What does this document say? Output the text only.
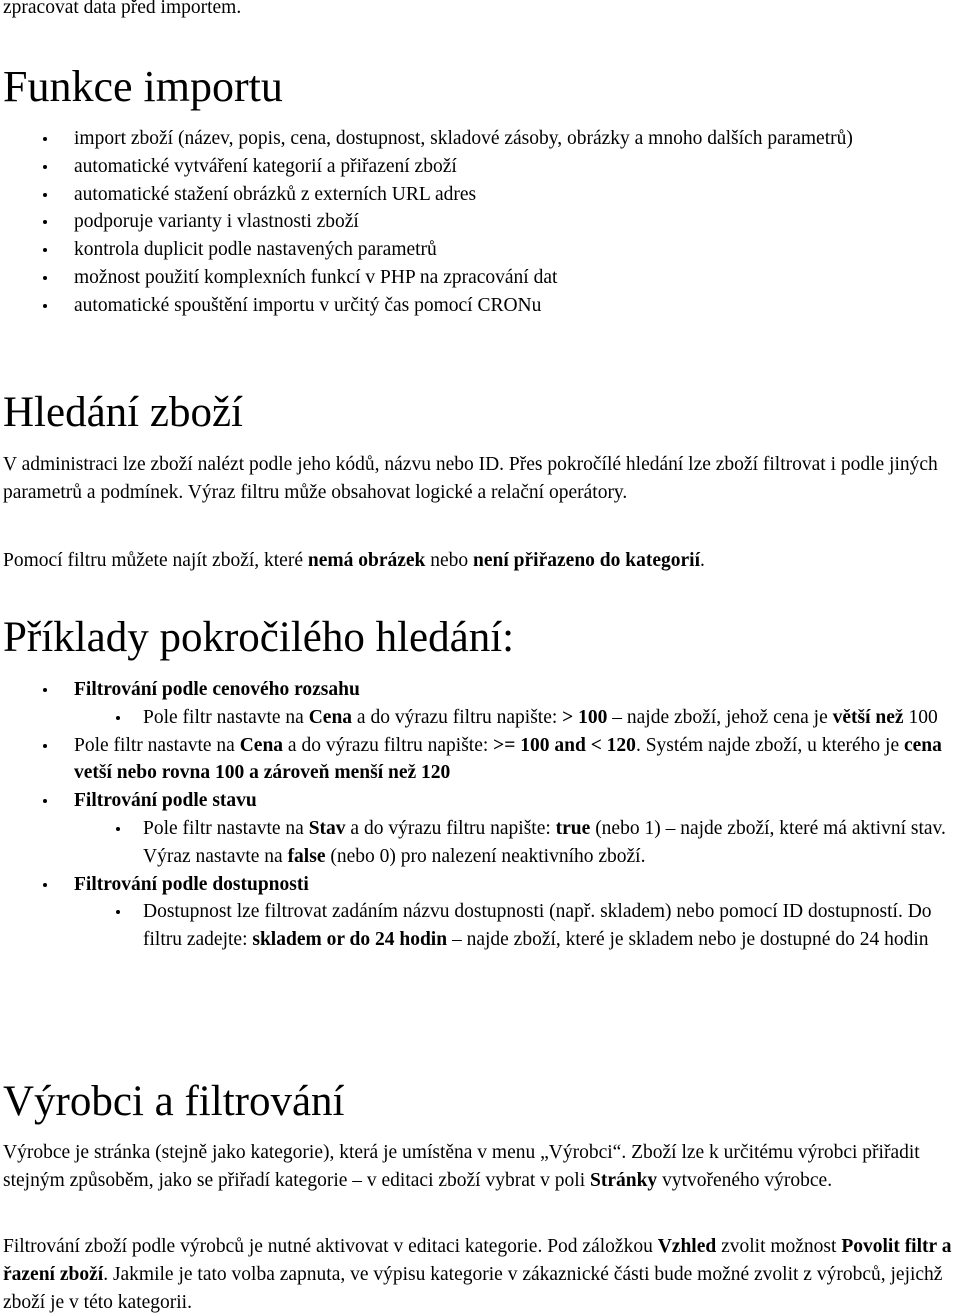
zpracovat data před importem.

Funkce importu
import zboží (název, popis, cena, dostupnost, skladové zásoby, obrázky a mnoho dalších parametrů)
automatické vytváření kategorií a přiřazení zboží
automatické stažení obrázků z externích URL adres
podporuje varianty i vlastnosti zboží
kontrola duplicit podle nastavených parametrů
možnost použití komplexních funkcí v PHP na zpracování dat
automatické spouštění importu v určitý čas pomocí CRONu
Hledání zboží

V administraci lze zboží nalézt podle jeho kódů, názvu nebo ID. Přes pokročílé hledání lze zboží filtrovat i podle jiných parametrů a podmínek. Výraz filtru může obsahovat logické a relační operátory.

Pomocí filtru můžete najít zboží, které nemá obrázek nebo není přiřazeno do kategorií.

Příklady pokročilého hledání:
Filtrování podle cenového rozsahu
Pole filtr nastavte na Cena a do výrazu filtru napište: > 100 – najde zboží, jehož cena je větší než 100
Pole filtr nastavte na Cena a do výrazu filtru napište: >= 100 and < 120. Systém najde zboží, u kterého je cena vetší nebo rovna 100 a zároveň menší než 120
Filtrování podle stavu
Pole filtr nastavte na Stav a do výrazu filtru napište: true (nebo 1) – najde zboží, které má aktivní stav. Výraz nastavte na false (nebo 0) pro nalezení neaktivního zboží.
Filtrování podle dostupnosti
Dostupnost lze filtrovat zadáním názvu dostupnosti (např. skladem) nebo pomocí ID dostupností. Do filtru zadejte: skladem or do 24 hodin – najde zboží, které je skladem nebo je dostupné do 24 hodin
Výrobci a filtrování

Výrobce je stránka (stejně jako kategorie), která je umístěna v menu „Výrobci“. Zboží lze k určitému výrobci přiřadit stejným způsoběm, jako se přiřadí kategorie – v editaci zboží vybrat v poli Stránky vytvořeného výrobce.

Filtrování zboží podle výrobců je nutné aktivovat v editaci kategorie. Pod záložkou Vzhled zvolit možnost Povolit filtr a řazení zboží. Jakmile je tato volba zapnuta, ve výpisu kategorie v zákaznické části bude možné zvolit z výrobců, jejichž zboží je v této kategorii.
